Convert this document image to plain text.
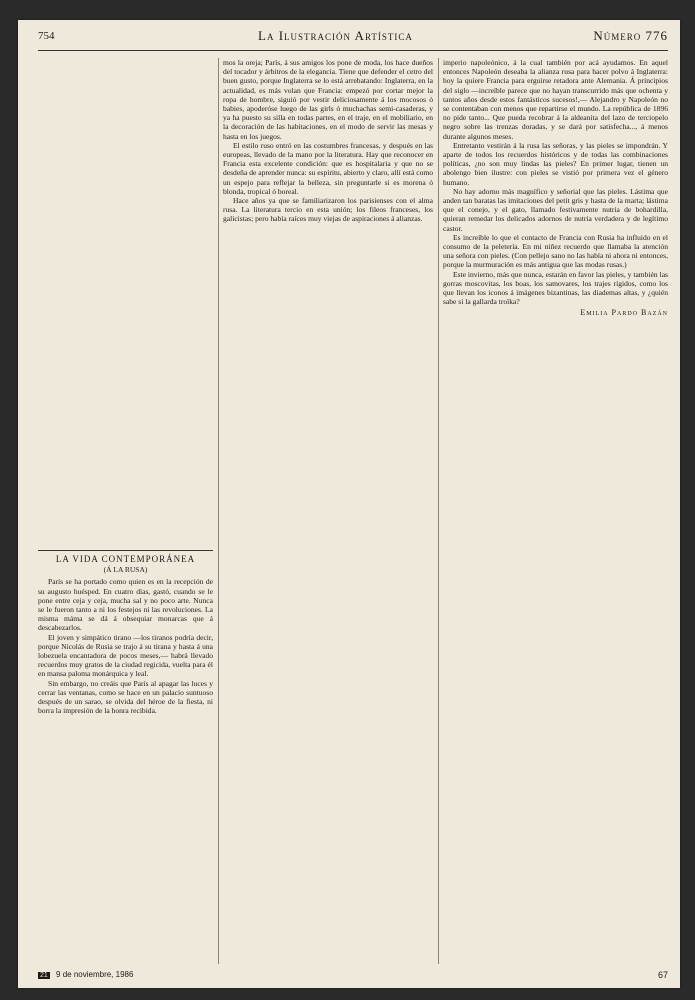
754	La Ilustración Artística	Número 776
LA VIDA CONTEMPORÁNEA
(Á LA RUSA)

París se ha portado como quien es en la recepción de su augusto huésped. En cuatro días, gastó, cuando se le pone entre ceja y ceja, mucha sal y no poco arte. Nunca se le fueron tanto a ni los festejos ni las revoluciones. La misma máma se dá á obsequiar monarcas que á descabezarlos.

El joven y simpático tirano —los tiranos podría decir, porque Nicolás de Rusia se trajo á su tirana y hasta á una lobezuela encantadora de pocos meses,— habrá llevado recuerdos muy gratos de la ciudad regicida, vuelta para él en mansa paloma monárquica y leal.

Sin embargo, no creáis que París al apagar las luces y cerrar las ventanas, como se hace en un palacio suntuoso después de un sarao, se olvida del héroe de la fiesta, ni borra la impresión de la honra recibida.

mos la oreja; París, á sus amigos los pone de moda, los hace dueños del tocador y árbitros de la elegancia. Tiene que defender el cetro del buen gusto, porque Inglaterra se lo está arrebatando: Inglaterra, en la actualidad, es más volan que Francia: empezó por cortar mejor la ropa de hombre, siguió por vestir deliciosamente á los mocosos ó babies, apoderóse luego de las girls ó muchachas semi-casaderas, y ya ha puesto su silla en todas partes, en el traje, en el mobiliario, en la decoración de las habitaciones, en el modo de servir las mesas y hasta en los juegos.

El estilo ruso entró en las costumbres francesas, y después en las europeas, llevado de la mano por la literatura. Hay que reconocer en Francia esta excelente condición: que es hospitalaria y que no se desdeña de aprender nunca: su espíritu, abierto y claro, allí está como un espejo para reflejar la belleza, sin preguntarle si es morena ó blonda, tropical ó boreal.

Hace años ya que se familiarizaron los parisienses con el alma rusa. La literatura tercio en esta unión; los fileos franceses, los galicistas; pero había raíces muy viejas de aspiraciones á alianzas.

imperio napoleónico, á la cual también por acá ayudamos. En aquel entonces Napoleón deseaba la alianza rusa para hacer polvo á Inglaterra: hoy la quiere Francia para erguirse retadora ante Alemania. Á principios del siglo —increíble parece que no hayan transcurrido más que ochenta y tantos años desde estos fantásticos sucesos!,— Alejandro y Napoleón no se contentaban con menos que repartirse el mundo. La república de 1896 no pide tanto... Que pueda recobrar á la aldeanita del lazo de terciopelo negro sobre las trenzas doradas, y se dará por satisfecha..., á menos durante algunos meses.

Entretanto vestirán á la rusa las señoras, y las pieles se impondrán. Y aparte de todos los recuerdos históricos y de todas las combinaciones políticas, ¿no son muy lindas las pieles? En primer lugar, tienen un abolengo bien ilustre: con pieles se vistió por primera vez el género humano.

No hay adorno más magnífico y señorial que las pieles. Lástima que anden tan baratas las imitaciones del petit gris y hasta de la marta; lástima que el conejo, y el gato, llamado festivamente nutria de bohardilla, quieran remedar los delicados adornos de nutria verdadera y de legítimo castor.

Es increíble lo que el contacto de Francia con Rusia ha influido en el consumo de la peletería. En mi niñez recuerdo que llamaba la atención una señora con pieles. (Con pellejo sano no las había ni ahora ni entonces, porque la murmuración es más antigua que las modas rusas.)

Este invierno, más que nunca, estarán en favor las pieles, y también las gorras moscovitas, los boas, los samovares, los trajes rígidos, como los que llevan los iconos á imágenes bizantinas, las diademas altas, y ¿quién sabe si la gallarda troïka?

Emilia Pardo Bazán
21 9 de noviembre, 1986	67
